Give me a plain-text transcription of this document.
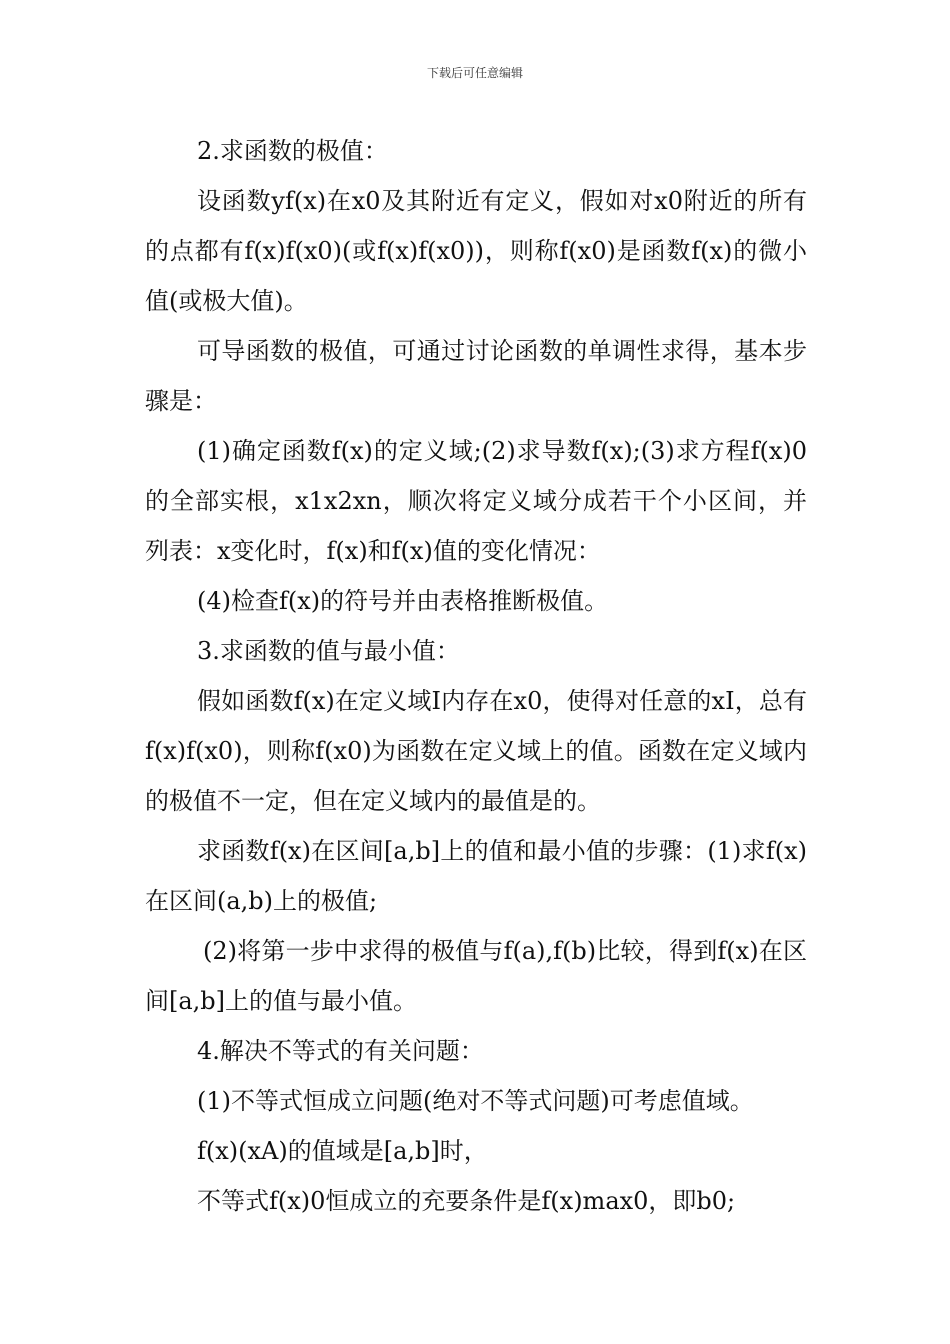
下载后可任意编辑

2.求函数的极值：

设函数yf(x)在x0及其附近有定义，假如对x0附近的所有的点都有f(x)f(x0)(或f(x)f(x0))，则称f(x0)是函数f(x)的微小值(或极大值)。

可导函数的极值，可通过讨论函数的单调性求得，基本步骤是：

(1)确定函数f(x)的定义域;(2)求导数f(x);(3)求方程f(x)0的全部实根，x1x2xn，顺次将定义域分成若干个小区间，并列表：x变化时，f(x)和f(x)值的变化情况：

(4)检查f(x)的符号并由表格推断极值。

3.求函数的值与最小值：

假如函数f(x)在定义域I内存在x0，使得对任意的xI，总有f(x)f(x0)，则称f(x0)为函数在定义域上的值。函数在定义域内的极值不一定，但在定义域内的最值是的。

求函数f(x)在区间[a,b]上的值和最小值的步骤：(1)求f(x)在区间(a,b)上的极值;

(2)将第一步中求得的极值与f(a),f(b)比较，得到f(x)在区间[a,b]上的值与最小值。

4.解决不等式的有关问题：

(1)不等式恒成立问题(绝对不等式问题)可考虑值域。

f(x)(xA)的值域是[a,b]时，

不等式f(x)0恒成立的充要条件是f(x)max0，即b0;
